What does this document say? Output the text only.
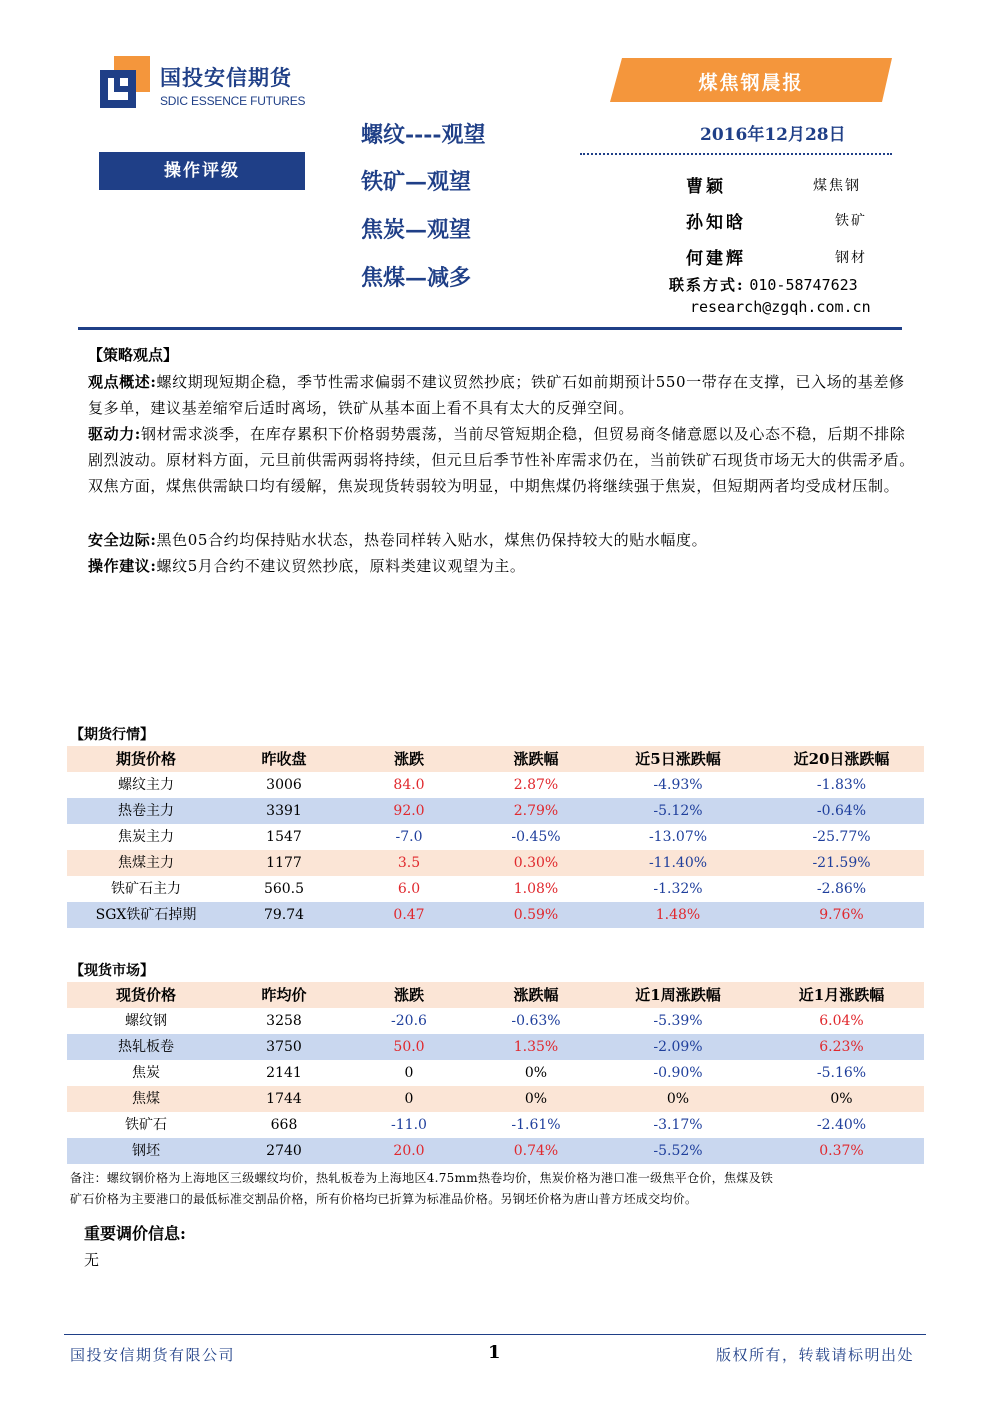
国投安信期货
SDIC ESSENCE FUTURES
煤焦钢晨报
2016年12月28日
操作评级
螺纹----观望
铁矿—观望
焦炭—观望
焦煤—减多
曹颖	煤焦钢
孙知晗	铁矿
何建辉	钢材
联系方式: 010-58747623
research@zgqh.com.cn
【策略观点】
观点概述:螺纹期现短期企稳，季节性需求偏弱不建议贸然抄底；铁矿石如前期预计550一带存在支撑，已入场的基差修复多单，建议基差缩窄后适时离场，铁矿从基本面上看不具有太大的反弹空间。
驱动力:钢材需求淡季，在库存累积下价格弱势震荡，当前尽管短期企稳，但贸易商冬储意愿以及心态不稳，后期不排除剧烈波动。原材料方面，元旦前供需两弱将持续，但元旦后季节性补库需求仍在，当前铁矿石现货市场无大的供需矛盾。双焦方面，煤焦供需缺口均有缓解，焦炭现货转弱较为明显，中期焦煤仍将继续强于焦炭，但短期两者均受成材压制。
安全边际:黑色05合约均保持贴水状态，热卷同样转入贴水，煤焦仍保持较大的贴水幅度。
操作建议:螺纹5月合约不建议贸然抄底，原料类建议观望为主。
【期货行情】
期货价格	昨收盘	涨跌	涨跌幅	近5日涨跌幅	近20日涨跌幅
螺纹主力	3006	84.0	2.87%	-4.93%	-1.83%
热卷主力	3391	92.0	2.79%	-5.12%	-0.64%
焦炭主力	1547	-7.0	-0.45%	-13.07%	-25.77%
焦煤主力	1177	3.5	0.30%	-11.40%	-21.59%
铁矿石主力	560.5	6.0	1.08%	-1.32%	-2.86%
SGX铁矿石掉期	79.74	0.47	0.59%	1.48%	9.76%
【现货市场】
现货价格	昨均价	涨跌	涨跌幅	近1周涨跌幅	近1月涨跌幅
螺纹钢	3258	-20.6	-0.63%	-5.39%	6.04%
热轧板卷	3750	50.0	1.35%	-2.09%	6.23%
焦炭	2141	0	0%	-0.90%	-5.16%
焦煤	1744	0	0%	0%	0%
铁矿石	668	-11.0	-1.61%	-3.17%	-2.40%
钢坯	2740	20.0	0.74%	-5.52%	0.37%
备注：螺纹钢价格为上海地区三级螺纹均价，热轧板卷为上海地区4.75mm热卷均价，焦炭价格为港口准一级焦平仓价，焦煤及铁
矿石价格为主要港口的最低标准交割品价格，所有价格均已折算为标准品价格。另钢坯价格为唐山普方坯成交均价。
重要调价信息:
无
国投安信期货有限公司	1	版权所有，转载请标明出处
